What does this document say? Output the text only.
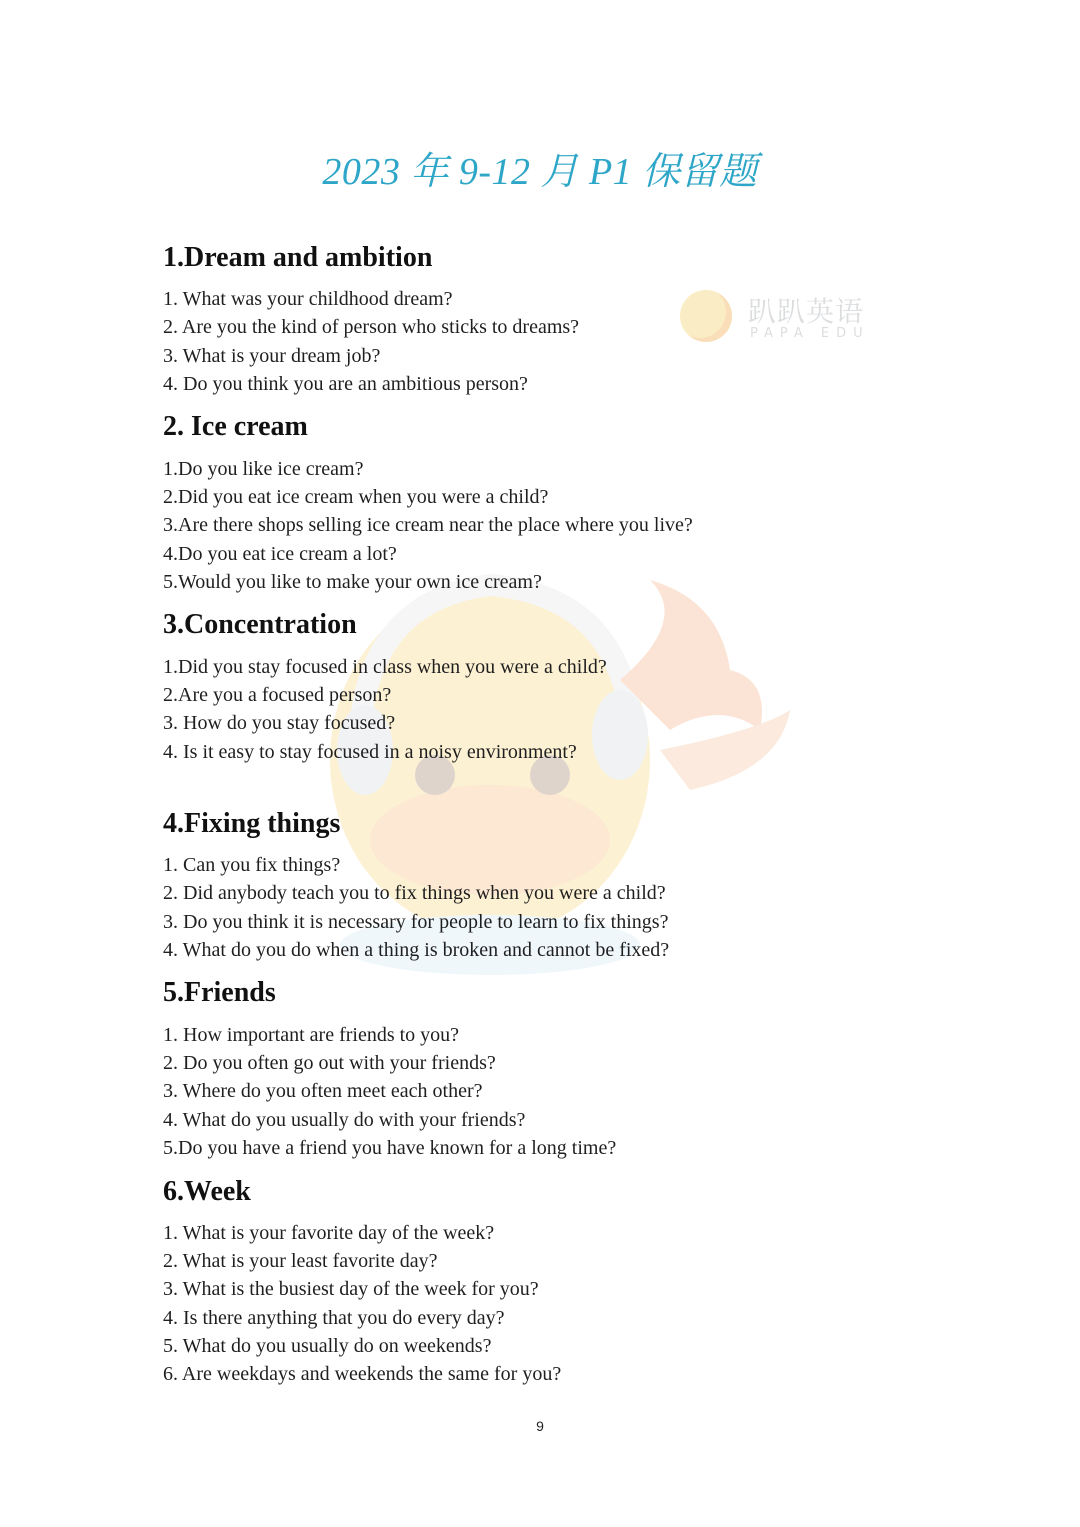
趴趴英语
PAPA EDU
2023 年 9-12 月 P1 保留题
1.Dream and ambition
1. What was your childhood dream?
2. Are you the kind of person who sticks to dreams?
3. What is your dream job?
4. Do you think you are an ambitious person?
2. Ice cream
1.Do you like ice cream?
2.Did you eat ice cream when you were a child?
3.Are there shops selling ice cream near the place where you live?
4.Do you eat ice cream a lot?
5.Would you like to make your own ice cream?
3.Concentration
1.Did you stay focused in class when you were a child?
2.Are you a focused person?
3. How do you stay focused?
4. Is it easy to stay focused in a noisy environment?
4.Fixing things
1. Can you fix things?
2. Did anybody teach you to fix things when you were a child?
3. Do you think it is necessary for people to learn to fix things?
4. What do you do when a thing is broken and cannot be fixed?
5.Friends
1. How important are friends to you?
2. Do you often go out with your friends?
3. Where do you often meet each other?
4. What do you usually do with your friends?
5.Do you have a friend you have known for a long time?
6.Week
1. What is your favorite day of the week?
2. What is your least favorite day?
3. What is the busiest day of the week for you?
4. Is there anything that you do every day?
5. What do you usually do on weekends?
6. Are weekdays and weekends the same for you?
9
